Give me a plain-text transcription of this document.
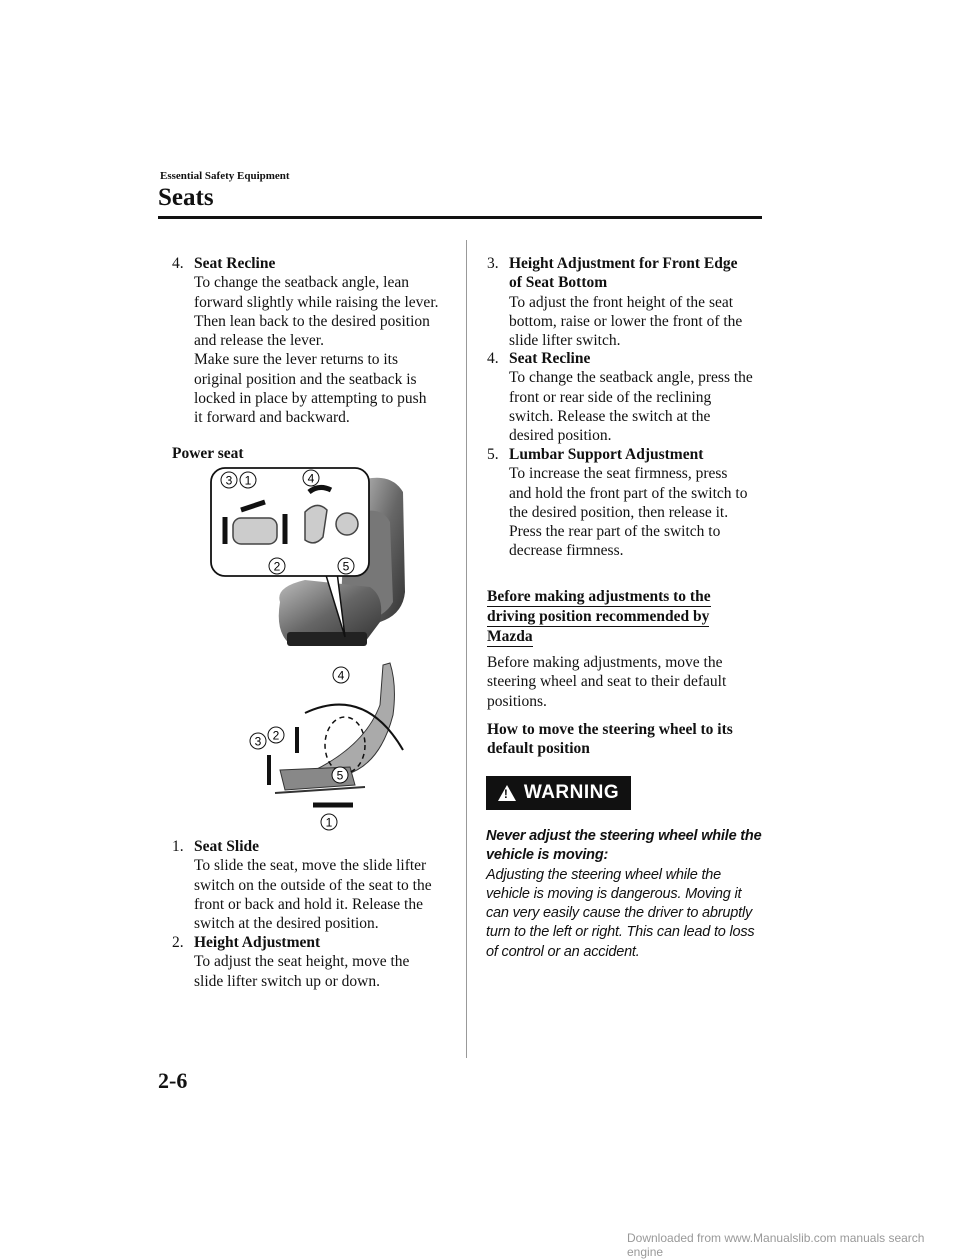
Essential Safety Equipment
Seats
4. Seat Recline
To change the seatback angle, lean
forward slightly while raising the lever.
Then lean back to the desired position
and release the lever.
Make sure the lever returns to its
original position and the seatback is
locked in place by attempting to push
it forward and backward.
Power seat
3 1	4
2	5
4
2
3
5
1
1. Seat Slide
To slide the seat, move the slide lifter
switch on the outside of the seat to the
front or back and hold it. Release the
switch at the desired position.
2. Height Adjustment
To adjust the seat height, move the
slide lifter switch up or down.
3. Height Adjustment for Front Edge
of Seat Bottom
To adjust the front height of the seat
bottom, raise or lower the front of the
slide lifter switch.
4. Seat Recline
To change the seatback angle, press the
front or rear side of the reclining
switch. Release the switch at the
desired position.
5. Lumbar Support Adjustment
To increase the seat firmness, press
and hold the front part of the switch to
the desired position, then release it.
Press the rear part of the switch to
decrease firmness.
Before making adjustments to the
driving position recommended by
Mazda
Before making adjustments, move the
steering wheel and seat to their default
positions.
How to move the steering wheel to its
default position
!
WARNING
Never adjust the steering wheel while the
vehicle is moving:
Adjusting the steering wheel while the
vehicle is moving is dangerous. Moving it
can very easily cause the driver to abruptly
turn to the left or right. This can lead to loss
of control or an accident.
2-6
Downloaded from www.Manualslib.com manuals search engine
